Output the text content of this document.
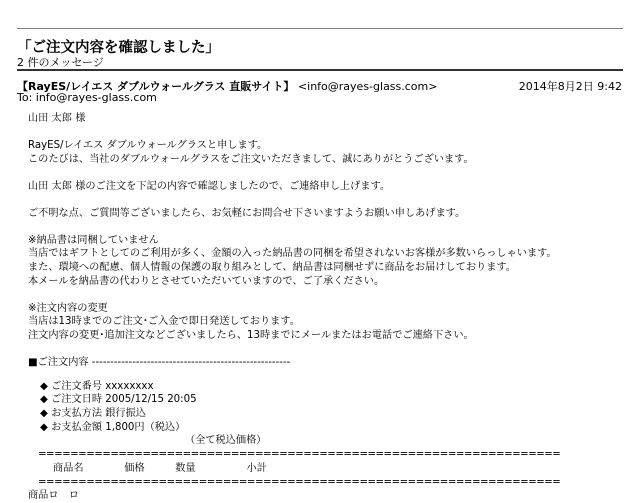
「ご注文内容を確認しました」
2 件のメッセージ
【RayES/レイエス ダブルウォールグラス 直販サイト】 <info@rayes-glass.com>	2014年8月2日 9:42
To: info@rayes-glass.com
山田 太郎 様
RayES/レイエス ダブルウォールグラスと申します。
このたびは、当社のダブルウォールグラスをご注文いただきまして、誠にありがとうございます。
山田 太郎 様のご注文を下記の内容で確認しましたので、ご連絡申し上げます。
ご不明な点、ご質問等ございましたら、お気軽にお問合せ下さいますようお願い申しあげます。
※納品書は同梱していません
当店ではギフトとしてのご利用が多く、金額の入った納品書の同梱を希望されないお客様が多数いらっしゃいます。
また、環境への配慮、個人情報の保護の取り組みとして、納品書は同梱せずに商品をお届けしております。
本メールを納品書の代わりとさせていただいていますので、ご了承ください。
※注文内容の変更
当店は13時までのご注文･ご入金で即日発送しております。
注文内容の変更･追加注文などございましたら、13時までにメールまたはお電話でご連絡下さい。
■ご注文内容 ------------------------------------------------------
◆ ご注文番号 xxxxxxxx
◆ ご注文日時 2005/12/15 20:05
◆ お支払方法 銀行振込
◆ お支払金額 1,800円（税込）
（全て税込価格）
=================================================================
商品名　　　　価格　　　数量　　　　　小計
=================================================================
商品ロ　ロ
